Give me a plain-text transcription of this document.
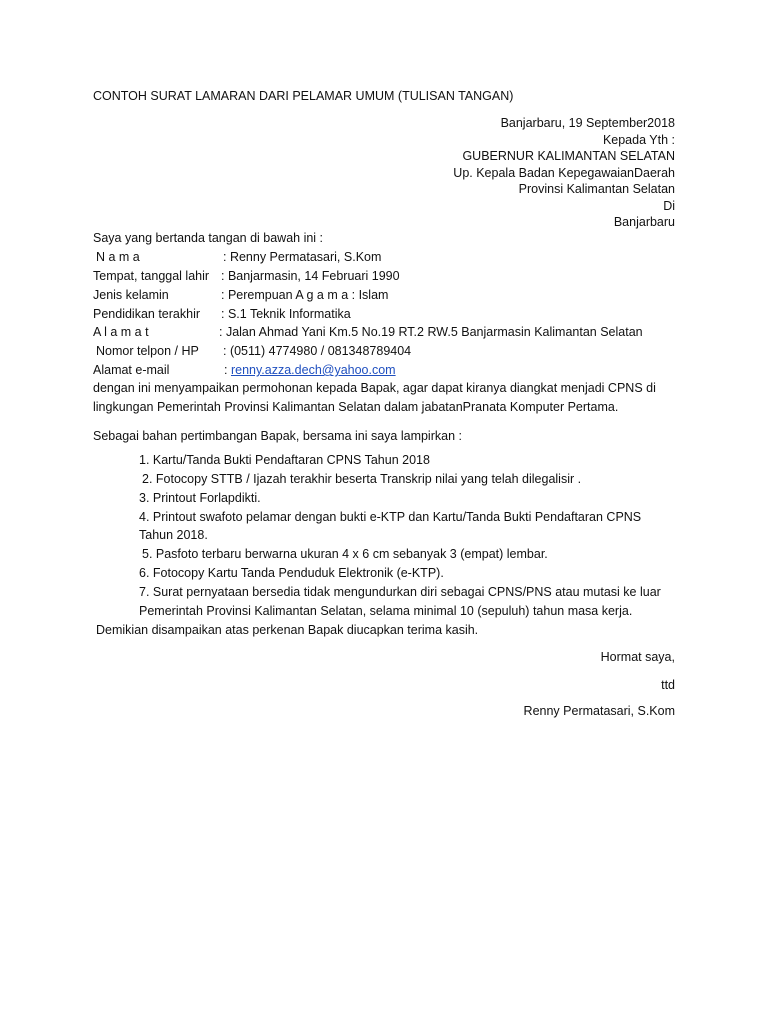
CONTOH SURAT LAMARAN DARI PELAMAR UMUM (TULISAN TANGAN)
Banjarbaru, 19 September2018
Kepada Yth :
GUBERNUR KALIMANTAN SELATAN
Up. Kepala Badan KepegawaianDaerah
Provinsi Kalimantan Selatan
Di
Banjarbaru
Saya yang bertanda tangan di bawah ini :
N a m a	: Renny Permatasari, S.Kom
Tempat, tanggal lahir : Banjarmasin, 14 Februari 1990
Jenis kelamin	: Perempuan A g a m a : Islam
Pendidikan terakhir : S.1 Teknik Informatika
A l a m a t	: Jalan Ahmad Yani Km.5 No.19 RT.2 RW.5 Banjarmasin Kalimantan Selatan
Nomor telpon / HP : (0511) 4774980 / 081348789404
Alamat e-mail	: renny.azza.dech@yahoo.com
dengan ini menyampaikan permohonan kepada Bapak, agar dapat kiranya diangkat menjadi CPNS di
lingkungan Pemerintah Provinsi Kalimantan Selatan dalam jabatanPranata Komputer Pertama.
Sebagai bahan pertimbangan Bapak, bersama ini saya lampirkan :
1. Kartu/Tanda Bukti Pendaftaran CPNS Tahun 2018
2. Fotocopy STTB / Ijazah terakhir beserta Transkrip nilai yang telah dilegalisir .
3. Printout Forlapdikti.
4. Printout swafoto pelamar dengan bukti e-KTP dan Kartu/Tanda Bukti Pendaftaran CPNS
Tahun 2018.
5. Pasfoto terbaru berwarna ukuran 4 x 6 cm sebanyak 3 (empat) lembar.
6. Fotocopy Kartu Tanda Penduduk Elektronik (e-KTP).
7. Surat pernyataan bersedia tidak mengundurkan diri sebagai CPNS/PNS atau mutasi ke luar
Pemerintah Provinsi Kalimantan Selatan, selama minimal 10 (sepuluh) tahun masa kerja.
Demikian disampaikan atas perkenan Bapak diucapkan terima kasih.
Hormat saya,
ttd
Renny Permatasari, S.Kom
